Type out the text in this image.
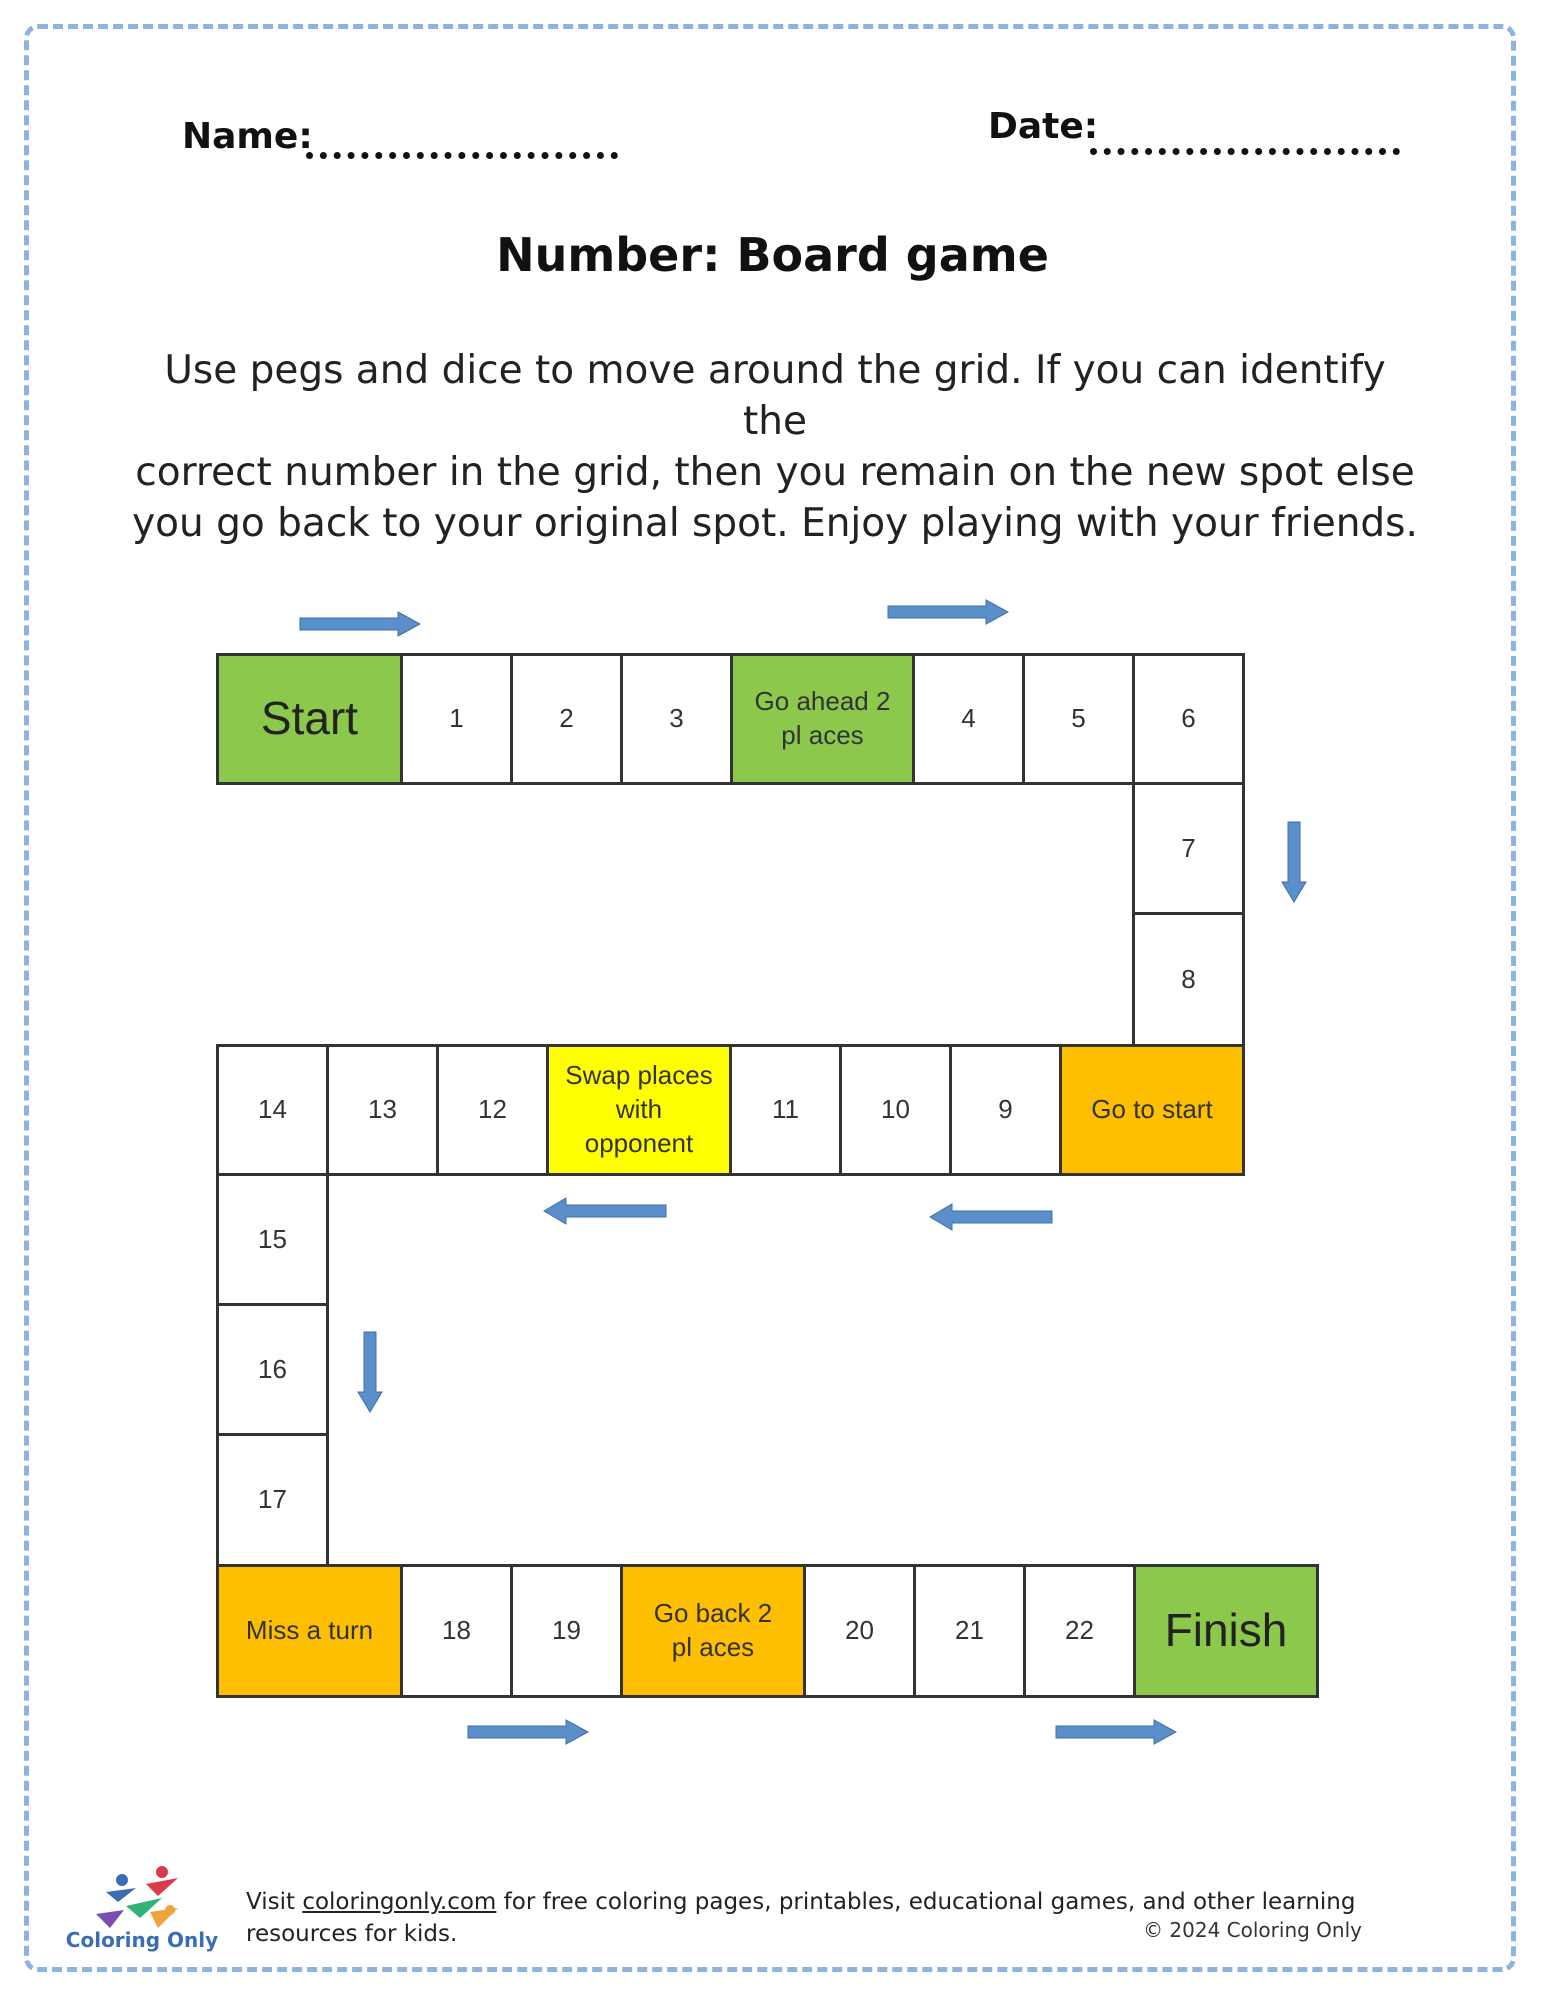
Name:	Date:
Number: Board game
Use pegs and dice to move around the grid. If you can identify the
correct number in the grid, then you remain on the new spot else
you go back to your original spot. Enjoy playing with your friends.
Start	1	2	3
Go ahead 2
pl aces
4	5	6
7
8
14	13	12
Swap places
with
opponent
11	10	9	Go to start
15
16
17
Miss a turn	18	19
Go back 2
pl aces
20	21	22	Finish
Coloring Only
Visit coloringonly.com for free coloring pages, printables, educational games, and other learning resources for kids.	© 2024 Coloring Only
